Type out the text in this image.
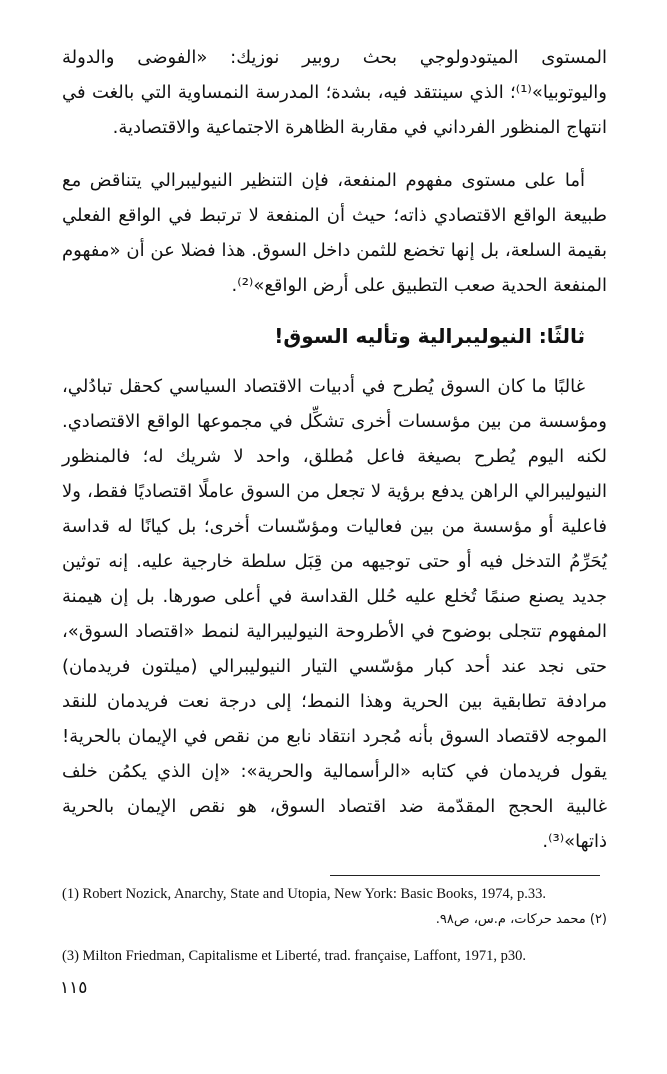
المستوى الميتودولوجي بحث روبير نوزيك: «الفوضى والدولة واليوتوبيا»⁽¹⁾؛ الذي سينتقد فيه، بشدة؛ المدرسة النمساوية التي بالغت في انتهاج المنظور الفرداني في مقاربة الظاهرة الاجتماعية والاقتصادية.

أما على مستوى مفهوم المنفعة، فإن التنظير النيوليبرالي يتناقض مع طبيعة الواقع الاقتصادي ذاته؛ حيث أن المنفعة لا ترتبط في الواقع الفعلي بقيمة السلعة، بل إنها تخضع للثمن داخل السوق. هذا فضلا عن أن «مفهوم المنفعة الحدية صعب التطبيق على أرض الواقع»⁽²⁾.

ثالثًا: النيوليبرالية وتأليه السوق!

غالبًا ما كان السوق يُطرح في أدبيات الاقتصاد السياسي كحقل تبادُلي، ومؤسسة من بين مؤسسات أخرى تشكِّل في مجموعها الواقع الاقتصادي. لكنه اليوم يُطرح بصيغة فاعل مُطلق، واحد لا شريك له؛ فالمنظور النيوليبرالي الراهن يدفع برؤية لا تجعل من السوق عاملًا اقتصاديًا فقط، ولا فاعلية أو مؤسسة من بين فعاليات ومؤسّسات أخرى؛ بل كيانًا له قداسة يُحَرِّمُ التدخل فيه أو حتى توجيهه من قِبَل سلطة خارجية عليه. إنه توثين جديد يصنع صنمًا تُخلع عليه حُلل القداسة في أعلى صورها. بل إن هيمنة المفهوم تتجلى بوضوح في الأطروحة النيوليبرالية لنمط «اقتصاد السوق»، حتى نجد عند أحد كبار مؤسّسي التيار النيوليبرالي (ميلتون فريدمان) مرادفة تطابقية بين الحرية وهذا النمط؛ إلى درجة نعت فريدمان للنقد الموجه لاقتصاد السوق بأنه مُجرد انتقاد نابع من نقص في الإيمان بالحرية! يقول فريدمان في كتابه «الرأسمالية والحرية»: «إن الذي يكمُن خلف غالبية الحجج المقدّمة ضد اقتصاد السوق، هو نقص الإيمان بالحرية ذاتها»⁽³⁾.

(1) Robert Nozick, Anarchy, State and Utopia, New York: Basic Books, 1974, p.33.
(٢) محمد حركات، م.س، ص٩٨.
(3) Milton Friedman, Capitalisme et Liberté, trad. française, Laffont, 1971, p30.
١١٥
